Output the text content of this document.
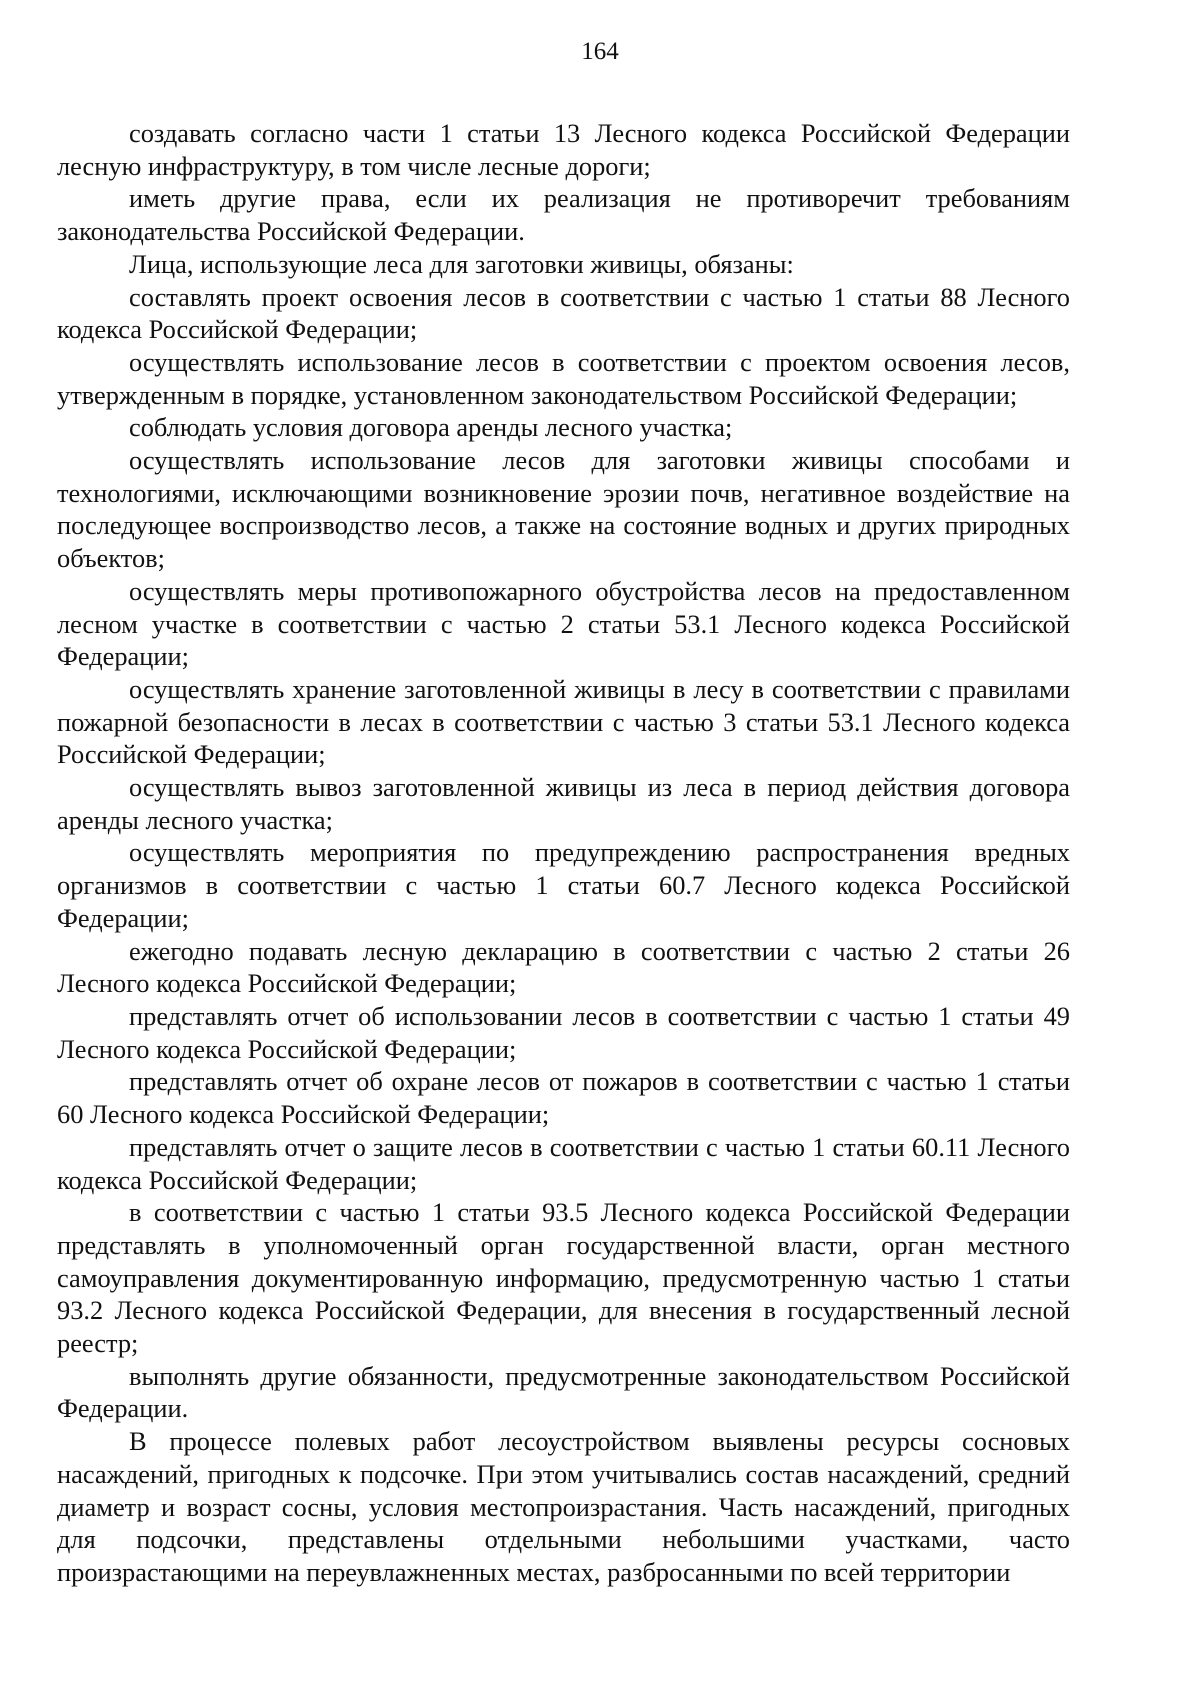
164

создавать согласно части 1 статьи 13 Лесного кодекса Российской Федерации лесную инфраструктуру, в том числе лесные дороги;

иметь другие права, если их реализация не противоречит требованиям законодательства Российской Федерации.

Лица, использующие леса для заготовки живицы, обязаны:

составлять проект освоения лесов в соответствии с частью 1 статьи 88 Лесного кодекса Российской Федерации;

осуществлять использование лесов в соответствии с проектом освоения лесов, утвержденным в порядке, установленном законодательством Российской Федерации;

соблюдать условия договора аренды лесного участка;

осуществлять использование лесов для заготовки живицы способами и технологиями, исключающими возникновение эрозии почв, негативное воздействие на последующее воспроизводство лесов, а также на состояние водных и других природных объектов;

осуществлять меры противопожарного обустройства лесов на предоставленном лесном участке в соответствии с частью 2 статьи 53.1 Лесного кодекса Российской Федерации;

осуществлять хранение заготовленной живицы в лесу в соответствии с правилами пожарной безопасности в лесах в соответствии с частью 3 статьи 53.1 Лесного кодекса Российской Федерации;

осуществлять вывоз заготовленной живицы из леса в период действия договора аренды лесного участка;

осуществлять мероприятия по предупреждению распространения вредных организмов в соответствии с частью 1 статьи 60.7 Лесного кодекса Российской Федерации;

ежегодно подавать лесную декларацию в соответствии с частью 2 статьи 26 Лесного кодекса Российской Федерации;

представлять отчет об использовании лесов в соответствии с частью 1 статьи 49 Лесного кодекса Российской Федерации;

представлять отчет об охране лесов от пожаров в соответствии с частью 1 статьи 60 Лесного кодекса Российской Федерации;

представлять отчет о защите лесов в соответствии с частью 1 статьи 60.11 Лесного кодекса Российской Федерации;

в соответствии с частью 1 статьи 93.5 Лесного кодекса Российской Федерации представлять в уполномоченный орган государственной власти, орган местного самоуправления документированную информацию, предусмотренную частью 1 статьи 93.2 Лесного кодекса Российской Федерации, для внесения в государственный лесной реестр;

выполнять другие обязанности, предусмотренные законодательством Российской Федерации.

В процессе полевых работ лесоустройством выявлены ресурсы сосновых насаждений, пригодных к подсочке. При этом учитывались состав насаждений, средний диаметр и возраст сосны, условия местопроизрастания. Часть насаждений, пригодных для подсочки, представлены отдельными небольшими участками, часто произрастающими на переувлажненных местах, разбросанными по всей территории
